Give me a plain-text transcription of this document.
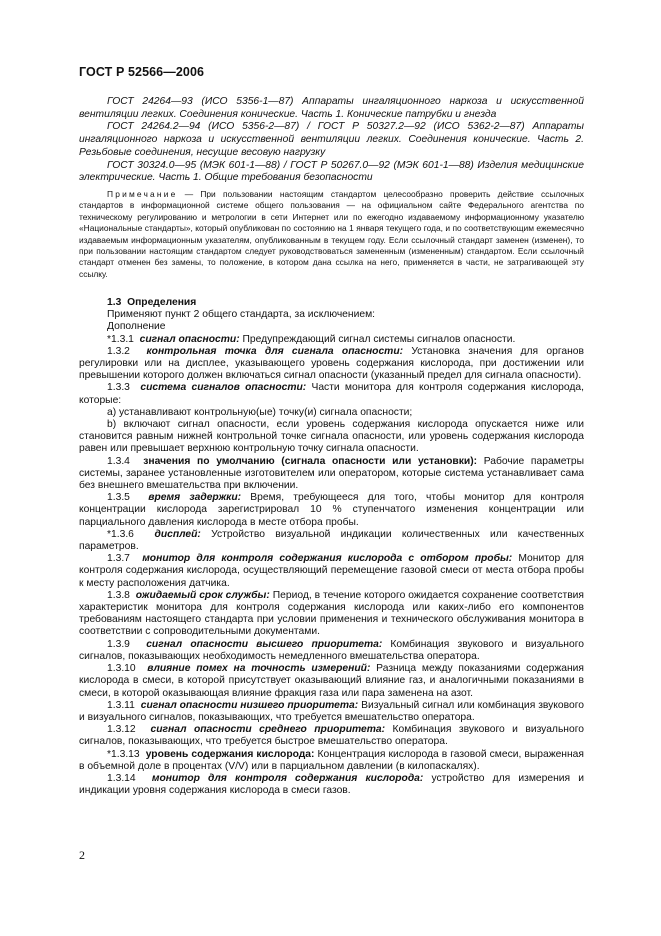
ГОСТ Р 52566—2006

ГОСТ 24264—93 (ИСО 5356-1—87) Аппараты ингаляционного наркоза и искусственной вентиляции легких. Соединения конические. Часть 1. Конические патрубки и гнезда

ГОСТ 24264.2—94 (ИСО 5356-2—87) / ГОСТ Р 50327.2—92 (ИСО 5362-2—87) Аппараты ингаляционного наркоза и искусственной вентиляции легких. Соединения конические. Часть 2. Резьбовые соединения, несущие весовую нагрузку

ГОСТ 30324.0—95 (МЭК 601-1—88) / ГОСТ Р 50267.0—92 (МЭК 601-1—88) Изделия медицинские электрические. Часть 1. Общие требования безопасности

Примечание — При пользовании настоящим стандартом целесообразно проверить действие ссылочных стандартов в информационной системе общего пользования — на официальном сайте Федерального агентства по техническому регулированию и метрологии в сети Интернет или по ежегодно издаваемому информационному указателю «Национальные стандарты», который опубликован по состоянию на 1 января текущего года, и по соответствующим ежемесячно издаваемым информационным указателям, опубликованным в текущем году. Если ссылочный стандарт заменен (изменен), то при пользовании настоящим стандартом следует руководствоваться замененным (измененным) стандартом. Если ссылочный стандарт отменен без замены, то положение, в котором дана ссылка на него, применяется в части, не затрагивающей эту ссылку.

1.3 Определения

Применяют пункт 2 общего стандарта, за исключением:

Дополнение

*1.3.1 сигнал опасности: Предупреждающий сигнал системы сигналов опасности.

1.3.2 контрольная точка для сигнала опасности: Установка значения для органов регулировки или на дисплее, указывающего уровень содержания кислорода, при достижении или превышении которого должен включаться сигнал опасности (указанный предел для сигнала опасности).

1.3.3 система сигналов опасности: Части монитора для контроля содержания кислорода, которые:

a) устанавливают контрольную(ые) точку(и) сигнала опасности;

b) включают сигнал опасности, если уровень содержания кислорода опускается ниже или становится равным нижней контрольной точке сигнала опасности, или уровень содержания кислорода равен или превышает верхнюю контрольную точку сигнала опасности.

1.3.4 значения по умолчанию (сигнала опасности или установки): Рабочие параметры системы, заранее установленные изготовителем или оператором, которые система устанавливает сама без внешнего вмешательства при включении.

1.3.5 время задержки: Время, требующееся для того, чтобы монитор для контроля концентрации кислорода зарегистрировал 10 % ступенчатого изменения концентрации или парциального давления кислорода в месте отбора пробы.

*1.3.6 дисплей: Устройство визуальной индикации количественных или качественных параметров.

1.3.7 монитор для контроля содержания кислорода с отбором пробы: Монитор для контроля содержания кислорода, осуществляющий перемещение газовой смеси от места отбора пробы к месту расположения датчика.

1.3.8 ожидаемый срок службы: Период, в течение которого ожидается сохранение соответствия характеристик монитора для контроля содержания кислорода или каких-либо его компонентов требованиям настоящего стандарта при условии применения и технического обслуживания монитора в соответствии с сопроводительными документами.

1.3.9 сигнал опасности высшего приоритета: Комбинация звукового и визуального сигналов, показывающих необходимость немедленного вмешательства оператора.

1.3.10 влияние помех на точность измерений: Разница между показаниями содержания кислорода в смеси, в которой присутствует оказывающий влияние газ, и аналогичными показаниями в смеси, в которой оказывающая влияние фракция газа или пара заменена на азот.

1.3.11 сигнал опасности низшего приоритета: Визуальный сигнал или комбинация звукового и визуального сигналов, показывающих, что требуется вмешательство оператора.

1.3.12 сигнал опасности среднего приоритета: Комбинация звукового и визуального сигналов, показывающих, что требуется быстрое вмешательство оператора.

*1.3.13 уровень содержания кислорода: Концентрация кислорода в газовой смеси, выраженная в объемной доле в процентах (V/V) или в парциальном давлении (в килопаскалях).

1.3.14 монитор для контроля содержания кислорода: устройство для измерения и индикации уровня содержания кислорода в смеси газов.

2
